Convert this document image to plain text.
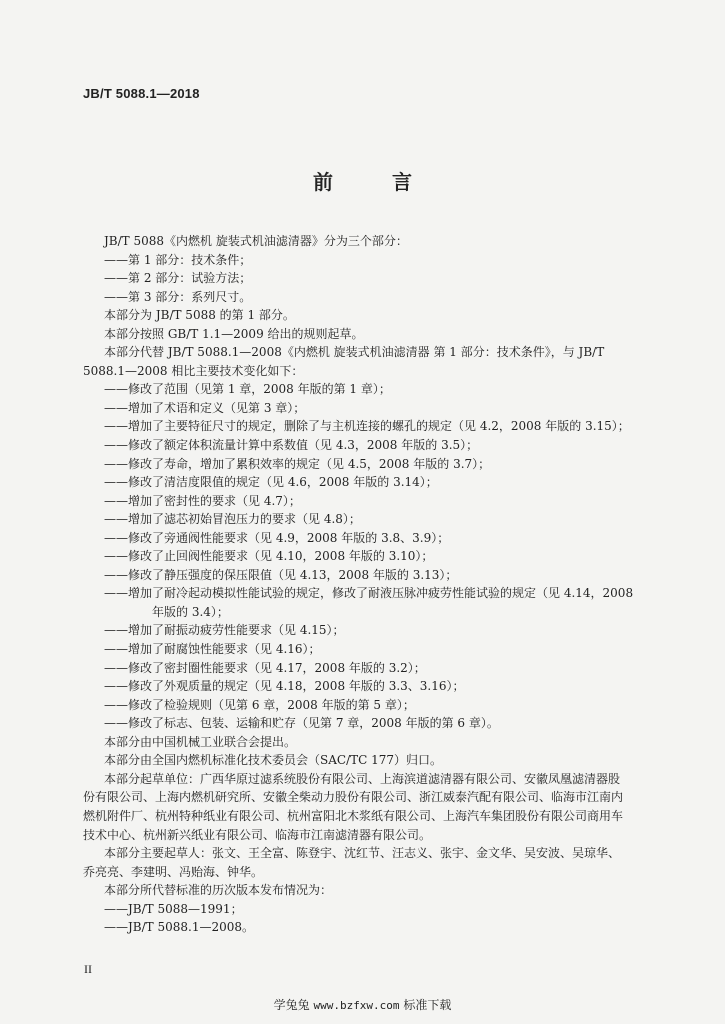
JB/T 5088.1—2018
前 言
JB/T 5088《内燃机 旋装式机油滤清器》分为三个部分：
——第 1 部分：技术条件；
——第 2 部分：试验方法；
——第 3 部分：系列尺寸。
本部分为 JB/T 5088 的第 1 部分。
本部分按照 GB/T 1.1—2009 给出的规则起草。
本部分代替 JB/T 5088.1—2008《内燃机 旋装式机油滤清器 第 1 部分：技术条件》，与 JB/T
5088.1—2008 相比主要技术变化如下：
——修改了范围（见第 1 章，2008 年版的第 1 章）；
——增加了术语和定义（见第 3 章）；
——增加了主要特征尺寸的规定，删除了与主机连接的螺孔的规定（见 4.2，2008 年版的 3.15）；
——修改了额定体积流量计算中系数值（见 4.3，2008 年版的 3.5）；
——修改了寿命，增加了累积效率的规定（见 4.5，2008 年版的 3.7）；
——修改了清洁度限值的规定（见 4.6，2008 年版的 3.14）；
——增加了密封性的要求（见 4.7）；
——增加了滤芯初始冒泡压力的要求（见 4.8）；
——修改了旁通阀性能要求（见 4.9，2008 年版的 3.8、3.9）；
——修改了止回阀性能要求（见 4.10，2008 年版的 3.10）；
——修改了静压强度的保压限值（见 4.13，2008 年版的 3.13）；
——增加了耐冷起动模拟性能试验的规定，修改了耐液压脉冲疲劳性能试验的规定（见 4.14，2008
年版的 3.4）；
——增加了耐振动疲劳性能要求（见 4.15）；
——增加了耐腐蚀性能要求（见 4.16）；
——修改了密封圈性能要求（见 4.17，2008 年版的 3.2）；
——修改了外观质量的规定（见 4.18，2008 年版的 3.3、3.16）；
——修改了检验规则（见第 6 章，2008 年版的第 5 章）；
——修改了标志、包装、运输和贮存（见第 7 章，2008 年版的第 6 章）。
本部分由中国机械工业联合会提出。
本部分由全国内燃机标准化技术委员会（SAC/TC 177）归口。
本部分起草单位：广西华原过滤系统股份有限公司、上海滨道滤清器有限公司、安徽凤凰滤清器股
份有限公司、上海内燃机研究所、安徽全柴动力股份有限公司、浙江威泰汽配有限公司、临海市江南内
燃机附件厂、杭州特种纸业有限公司、杭州富阳北木浆纸有限公司、上海汽车集团股份有限公司商用车
技术中心、杭州新兴纸业有限公司、临海市江南滤清器有限公司。
本部分主要起草人：张文、王全富、陈登宇、沈红节、汪志义、张宇、金文华、吴安波、吴琼华、
乔亮亮、李建明、冯贻海、钟华。
本部分所代替标准的历次版本发布情况为：
——JB/T 5088—1991；
——JB/T 5088.1—2008。
II
学兔兔 www.bzfxw.com 标准下载
